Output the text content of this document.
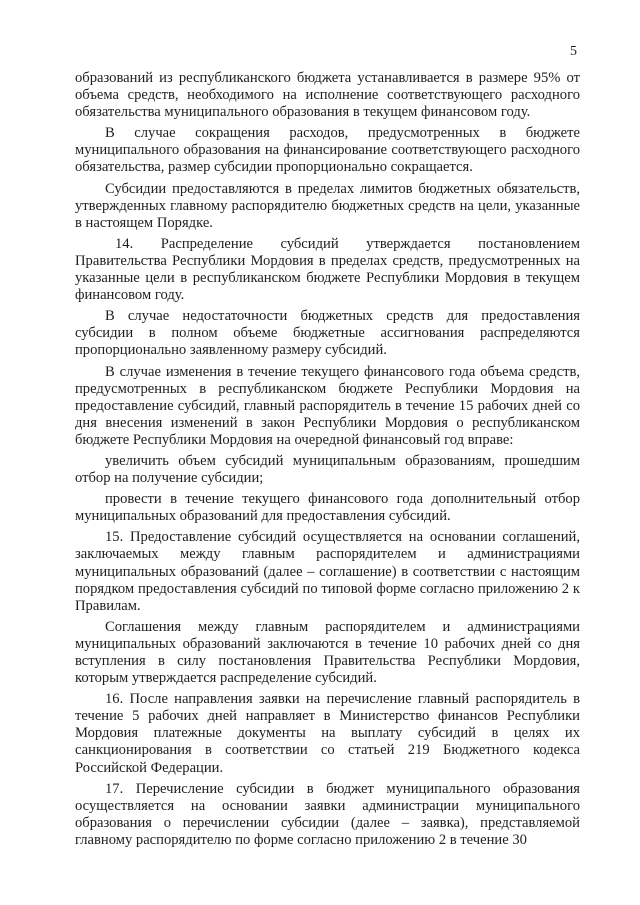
5

образований из республиканского бюджета устанавливается в размере 95% от объема средств, необходимого на исполнение соответствующего расходного обязательства муниципального образования в текущем финансовом году.

В случае сокращения расходов, предусмотренных в бюджете муниципального образования на финансирование соответствующего расходного обязательства, размер субсидии пропорционально сокращается.

Субсидии предоставляются в пределах лимитов бюджетных обязательств, утвержденных главному распорядителю бюджетных средств на цели, указанные в настоящем Порядке.

14. Распределение субсидий утверждается постановлением Правительства Республики Мордовия в пределах средств, предусмотренных на указанные цели в республиканском бюджете Республики Мордовия в текущем финансовом году.

В случае недостаточности бюджетных средств для предоставления субсидии в полном объеме бюджетные ассигнования распределяются пропорционально заявленному размеру субсидий.

В случае изменения в течение текущего финансового года объема средств, предусмотренных в республиканском бюджете Республики Мордовия на предоставление субсидий, главный распорядитель в течение 15 рабочих дней со дня внесения изменений в закон Республики Мордовия о республиканском бюджете Республики Мордовия на очередной финансовый год вправе:

увеличить объем субсидий муниципальным образованиям, прошедшим отбор на получение субсидии;

провести в течение текущего финансового года дополнительный отбор муниципальных образований для предоставления субсидий.

15. Предоставление субсидий осуществляется на основании соглашений, заключаемых между главным распорядителем и администрациями муниципальных образований (далее – соглашение) в соответствии с настоящим порядком предоставления субсидий по типовой форме согласно приложению 2 к Правилам.

Соглашения между главным распорядителем и администрациями муниципальных образований заключаются в течение 10 рабочих дней со дня вступления в силу постановления Правительства Республики Мордовия, которым утверждается распределение субсидий.

16. После направления заявки на перечисление главный распорядитель в течение 5 рабочих дней направляет в Министерство финансов Республики Мордовия платежные документы на выплату субсидий в целях их санкционирования в соответствии со статьей 219 Бюджетного кодекса Российской Федерации.

17. Перечисление субсидии в бюджет муниципального образования осуществляется на основании заявки администрации муниципального образования о перечислении субсидии (далее – заявка), представляемой главному распорядителю по форме согласно приложению 2 в течение 30
